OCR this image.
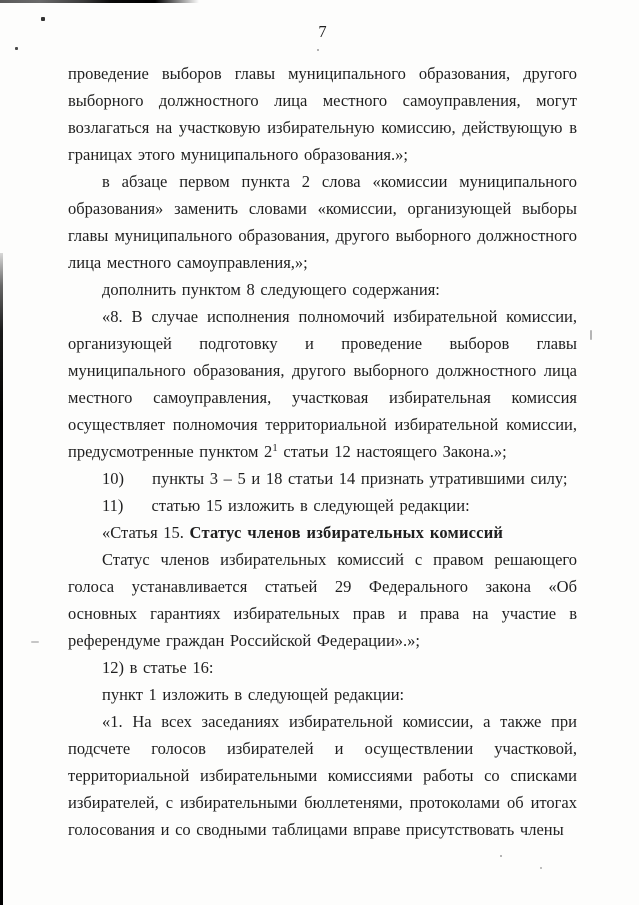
7

проведение выборов главы муниципального образования, другого выборного должностного лица местного самоуправления, могут возлагаться на участковую избирательную комиссию, действующую в границах этого муниципального образования.»;

в абзаце первом пункта 2 слова «комиссии муниципального образования» заменить словами «комиссии, организующей выборы главы муниципального образования, другого выборного должностного лица местного самоуправления,»;

дополнить пунктом 8 следующего содержания:

«8. В случае исполнения полномочий избирательной комиссии, организующей подготовку и проведение выборов главы муниципального образования, другого выборного должностного лица местного самоуправления, участковая избирательная комиссия осуществляет полномочия территориальной избирательной комиссии, предусмотренные пунктом $2^1$ статьи 12 настоящего Закона.»;

10)     пункты 3 – 5 и 18 статьи 14 признать утратившими силу;

11)     статью 15 изложить в следующей редакции:

«Статья 15. Статус членов избирательных комиссий

Статус членов избирательных комиссий с правом решающего голоса устанавливается статьей 29 Федерального закона «Об основных гарантиях избирательных прав и права на участие в референдуме граждан Российской Федерации».»;

12) в статье 16:

пункт 1 изложить в следующей редакции:

«1. На всех заседаниях избирательной комиссии, а также при подсчете голосов избирателей и осуществлении участковой, территориальной избирательными комиссиями работы со списками избирателей, с избирательными бюллетенями, протоколами об итогах голосования и со сводными таблицами вправе присутствовать члены
